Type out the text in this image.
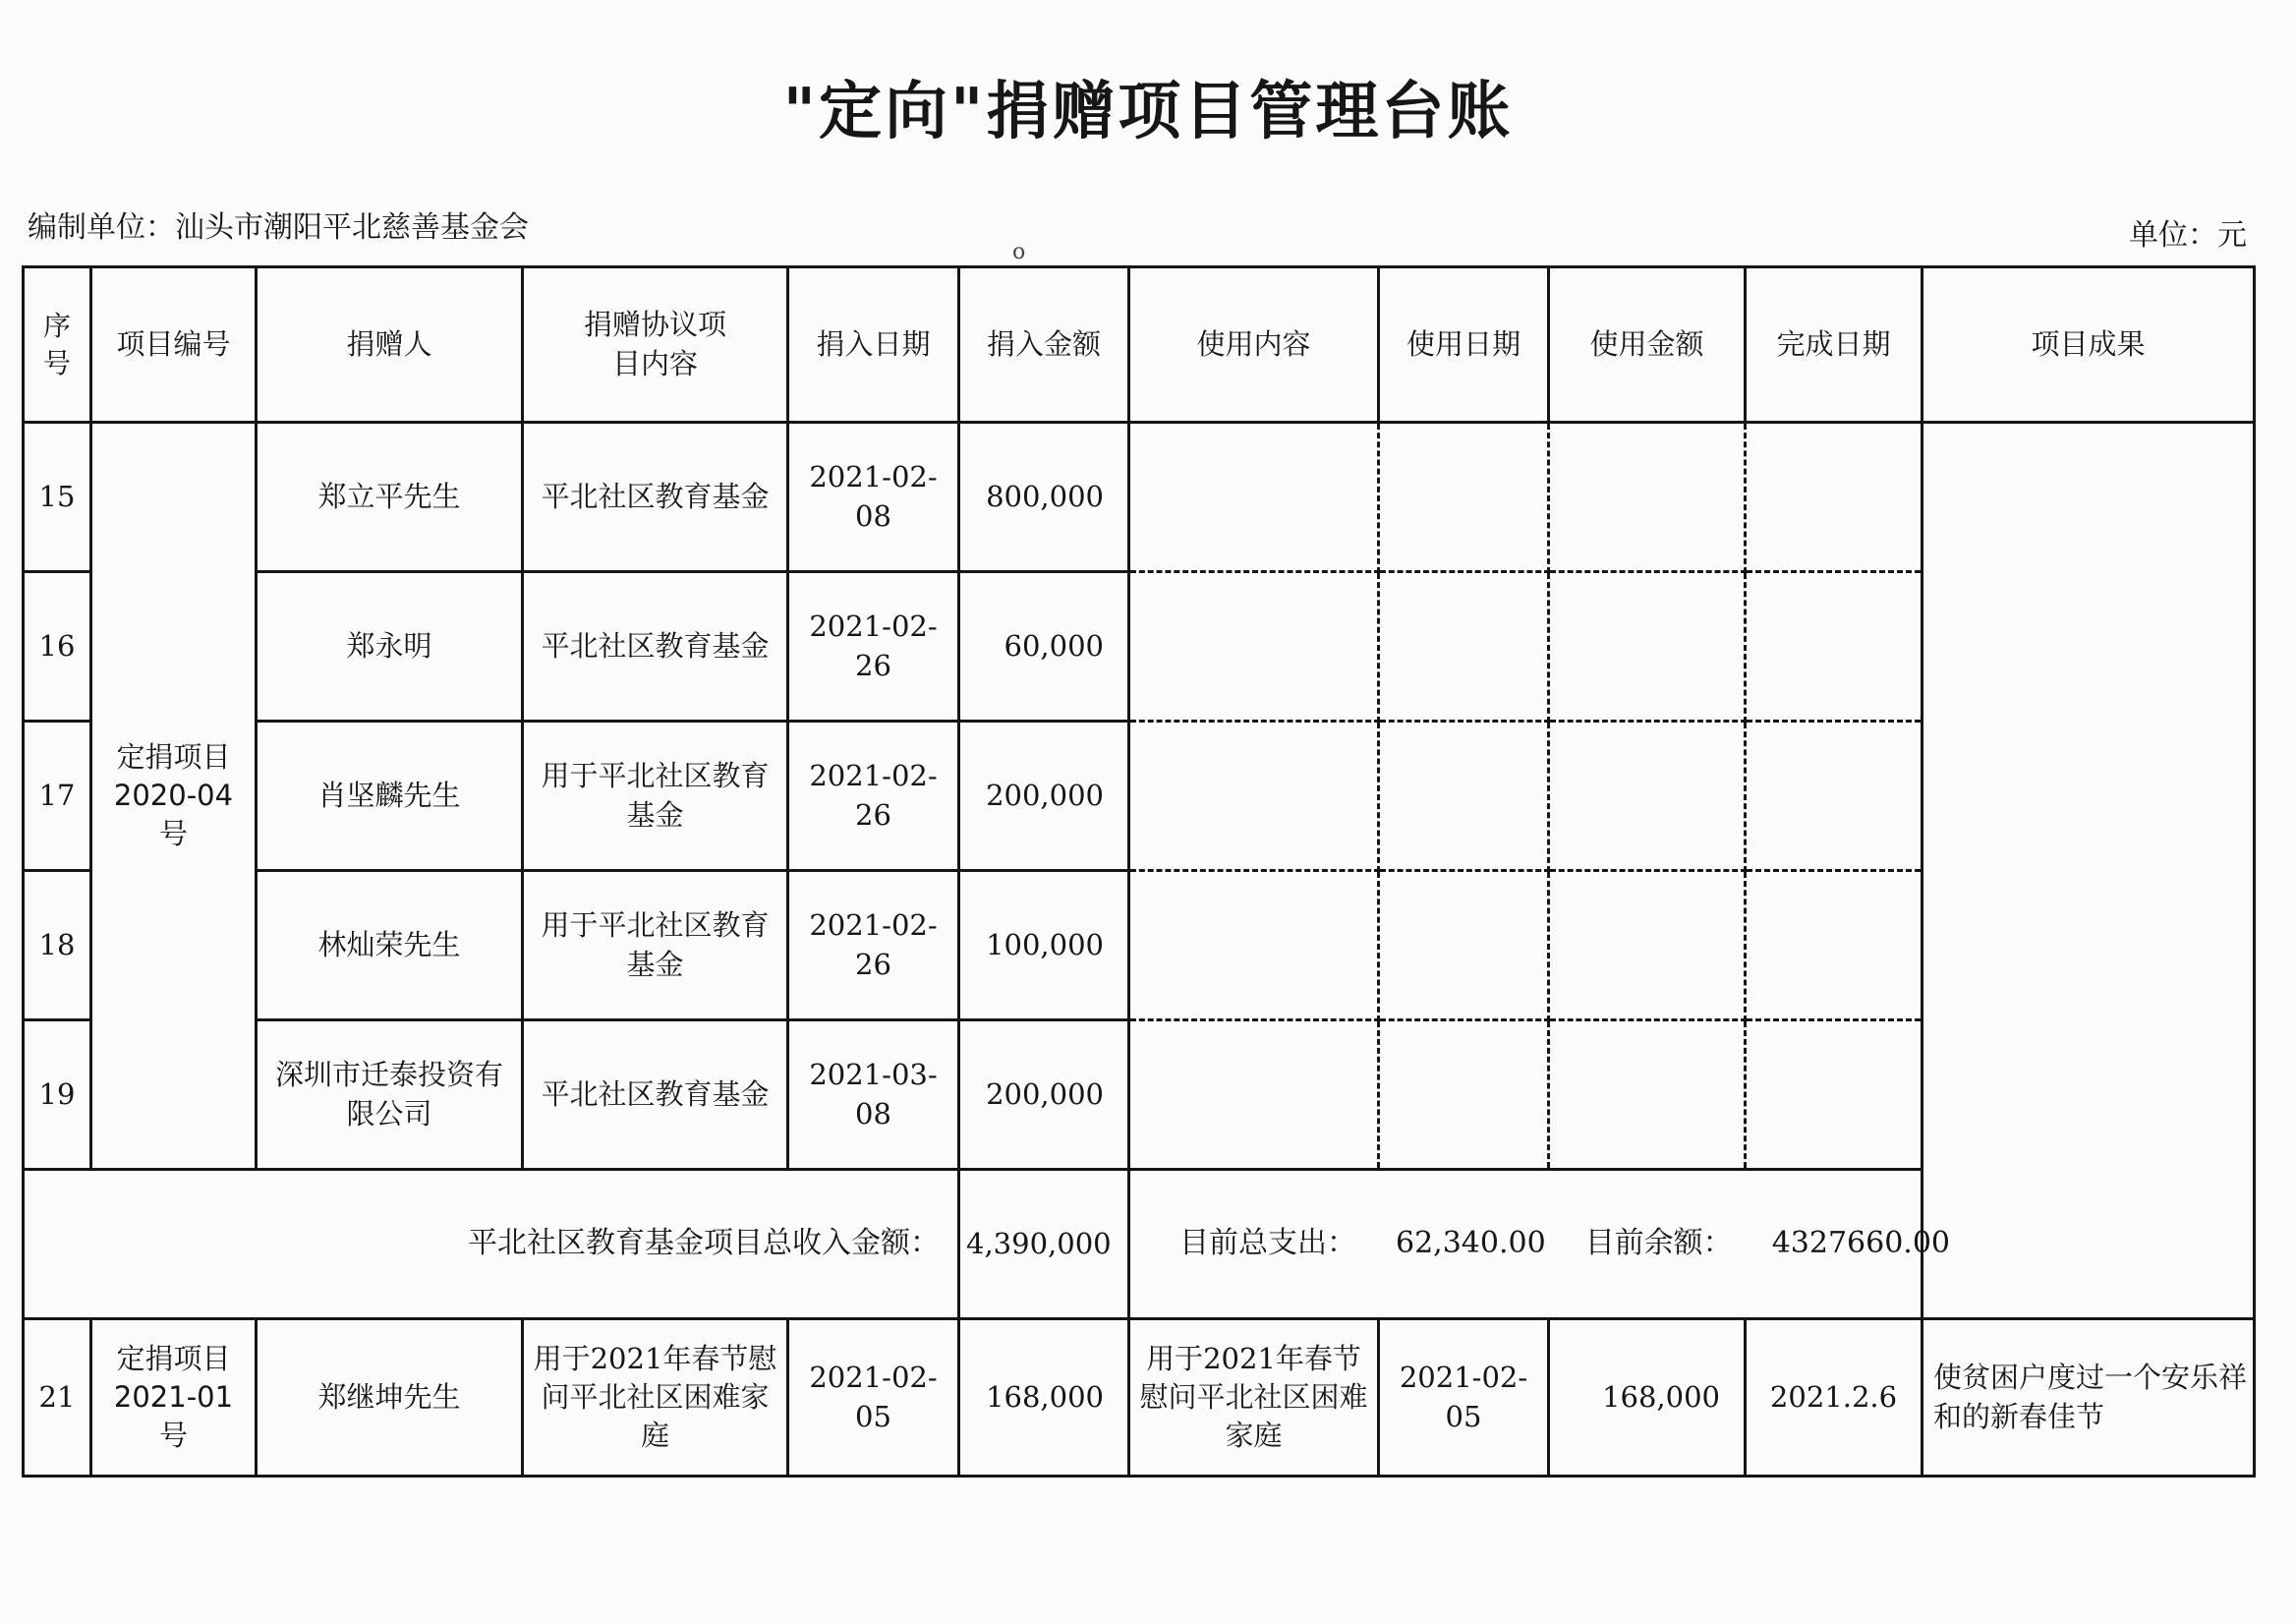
"定向"捐赠项目管理台账
编制单位：汕头市潮阳平北慈善基金会	单位：元
o
序号	项目编号	捐赠人	捐赠协议项目内容	捐入日期	捐入金额	使用内容	使用日期	使用金额	完成日期	项目成果
15	定捐项目2020-04号	郑立平先生	平北社区教育基金	2021-02-08	800,000					
16		郑永明	平北社区教育基金	2021-02-26	60,000					
17		肖坚麟先生	用于平北社区教育基金	2021-02-26	200,000					
18		林灿荣先生	用于平北社区教育基金	2021-02-26	100,000					
19		深圳市迁泰投资有限公司	平北社区教育基金	2021-03-08	200,000					
平北社区教育基金项目总收入金额：					4,390,000	目前总支出： 62,340.00 目前余额： 4327660.00				
21	定捐项目2021-01号	郑继坤先生	用于2021年春节慰问平北社区困难家庭	2021-02-05	168,000	用于2021年春节慰问平北社区困难家庭	2021-02-05	168,000	2021.2.6	使贫困户度过一个安乐祥和的新春佳节
